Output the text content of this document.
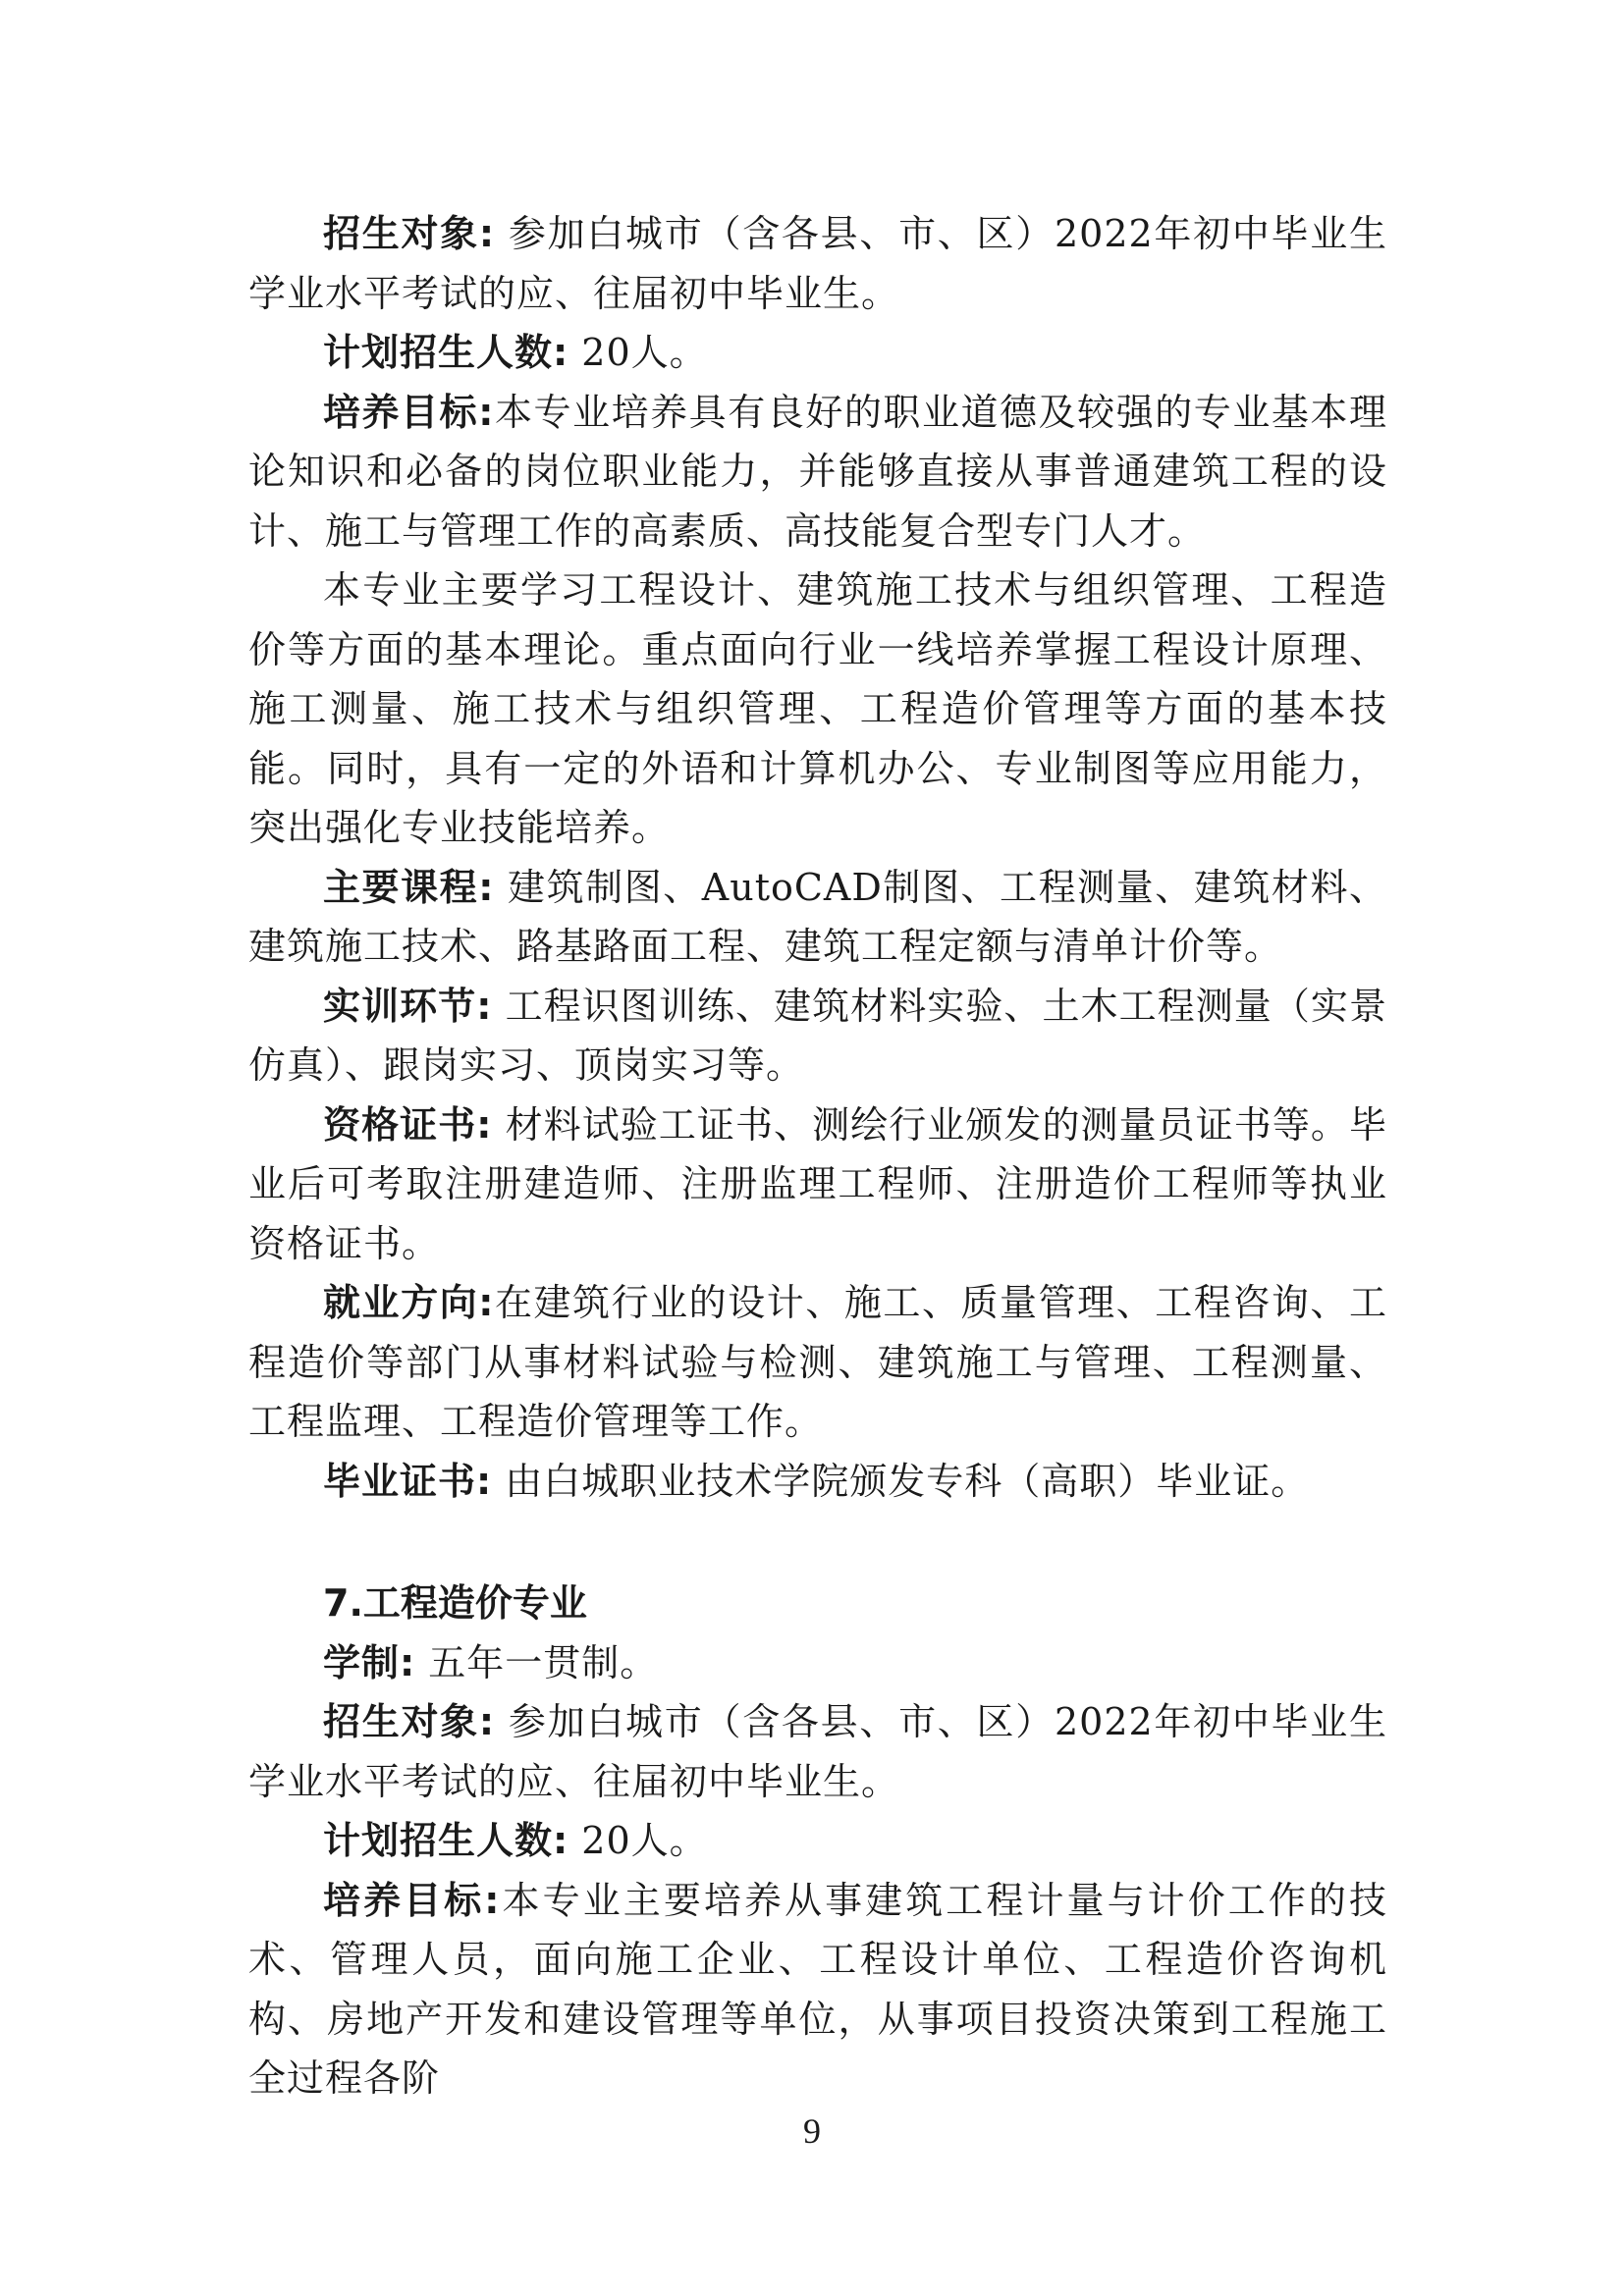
招生对象: 参加白城市（含各县、市、区）2022年初中毕业生学业水平考试的应、往届初中毕业生。

计划招生人数: 20人。

培养目标:本专业培养具有良好的职业道德及较强的专业基本理论知识和必备的岗位职业能力，并能够直接从事普通建筑工程的设计、施工与管理工作的高素质、高技能复合型专门人才。

本专业主要学习工程设计、建筑施工技术与组织管理、工程造价等方面的基本理论。重点面向行业一线培养掌握工程设计原理、施工测量、施工技术与组织管理、工程造价管理等方面的基本技能。同时，具有一定的外语和计算机办公、专业制图等应用能力，突出强化专业技能培养。

主要课程: 建筑制图、AutoCAD制图、工程测量、建筑材料、建筑施工技术、路基路面工程、建筑工程定额与清单计价等。

实训环节: 工程识图训练、建筑材料实验、土木工程测量（实景仿真）、跟岗实习、顶岗实习等。

资格证书: 材料试验工证书、测绘行业颁发的测量员证书等。毕业后可考取注册建造师、注册监理工程师、注册造价工程师等执业资格证书。

就业方向:在建筑行业的设计、施工、质量管理、工程咨询、工程造价等部门从事材料试验与检测、建筑施工与管理、工程测量、工程监理、工程造价管理等工作。

毕业证书: 由白城职业技术学院颁发专科（高职）毕业证。

7.工程造价专业

学制: 五年一贯制。

招生对象: 参加白城市（含各县、市、区）2022年初中毕业生学业水平考试的应、往届初中毕业生。

计划招生人数: 20人。

培养目标:本专业主要培养从事建筑工程计量与计价工作的技术、管理人员，面向施工企业、工程设计单位、工程造价咨询机构、房地产开发和建设管理等单位，从事项目投资决策到工程施工全过程各阶

9
